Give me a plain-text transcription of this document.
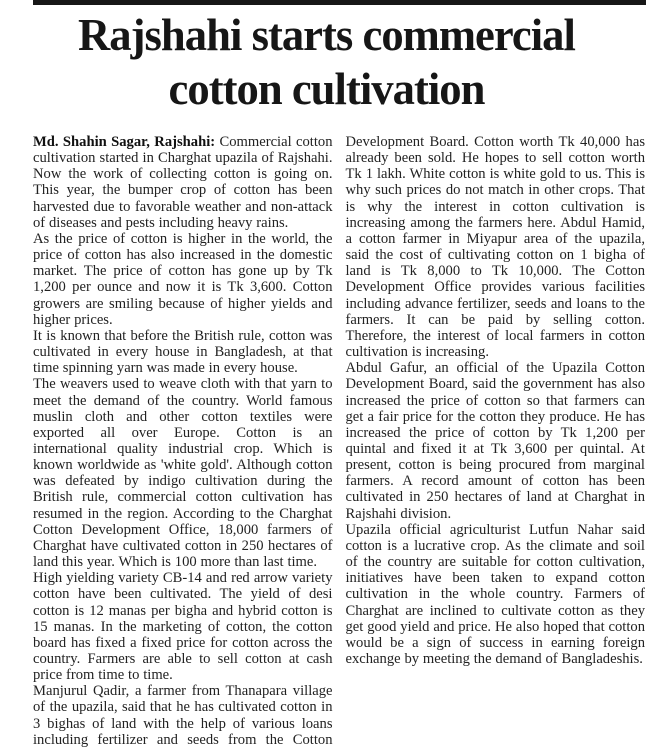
Rajshahi starts commercial
cotton cultivation

Md. Shahin Sagar, Rajshahi: Commercial cotton cultivation started in Charghat upazila of Rajshahi. Now the work of collecting cotton is going on. This year, the bumper crop of cotton has been harvested due to favorable weather and non-attack of diseases and pests including heavy rains.

As the price of cotton is higher in the world, the price of cotton has also increased in the domestic market. The price of cotton has gone up by Tk 1,200 per ounce and now it is Tk 3,600. Cotton growers are smiling because of higher yields and higher prices.

It is known that before the British rule, cotton was cultivated in every house in Bangladesh, at that time spinning yarn was made in every house.

The weavers used to weave cloth with that yarn to meet the demand of the country. World famous muslin cloth and other cotton textiles were exported all over Europe. Cotton is an international quality industrial crop. Which is known worldwide as 'white gold'. Although cotton was defeated by indigo cultivation during the British rule, commercial cotton cultivation has resumed in the region. According to the Charghat Cotton Development Office, 18,000 farmers of Charghat have cultivated cotton in 250 hectares of land this year. Which is 100 more than last time.

High yielding variety CB-14 and red arrow variety cotton have been cultivated. The yield of desi cotton is 12 manas per bigha and hybrid cotton is 15 manas. In the marketing of cotton, the cotton board has fixed a fixed price for cotton across the country. Farmers are able to sell cotton at cash price from time to time.

Manjurul Qadir, a farmer from Thanapara village of the upazila, said that he has cultivated cotton in 3 bighas of land with the help of various loans including fertilizer and seeds from the Cotton Development Board. Cotton worth Tk 40,000 has already been sold. He hopes to sell cotton worth Tk 1 lakh. White cotton is white gold to us. This is why such prices do not match in other crops. That is why the interest in cotton cultivation is increasing among the farmers here. Abdul Hamid, a cotton farmer in Miyapur area of the upazila, said the cost of cultivating cotton on 1 bigha of land is Tk 8,000 to Tk 10,000. The Cotton Development Office provides various facilities including advance fertilizer, seeds and loans to the farmers. It can be paid by selling cotton. Therefore, the interest of local farmers in cotton cultivation is increasing.

Abdul Gafur, an official of the Upazila Cotton Development Board, said the government has also increased the price of cotton so that farmers can get a fair price for the cotton they produce. He has increased the price of cotton by Tk 1,200 per quintal and fixed it at Tk 3,600 per quintal. At present, cotton is being procured from marginal farmers. A record amount of cotton has been cultivated in 250 hectares of land at Charghat in Rajshahi division.

Upazila official agriculturist Lutfun Nahar said cotton is a lucrative crop. As the climate and soil of the country are suitable for cotton cultivation, initiatives have been taken to expand cotton cultivation in the whole country. Farmers of Charghat are inclined to cultivate cotton as they get good yield and price. He also hoped that cotton would be a sign of success in earning foreign exchange by meeting the demand of Bangladeshis.
